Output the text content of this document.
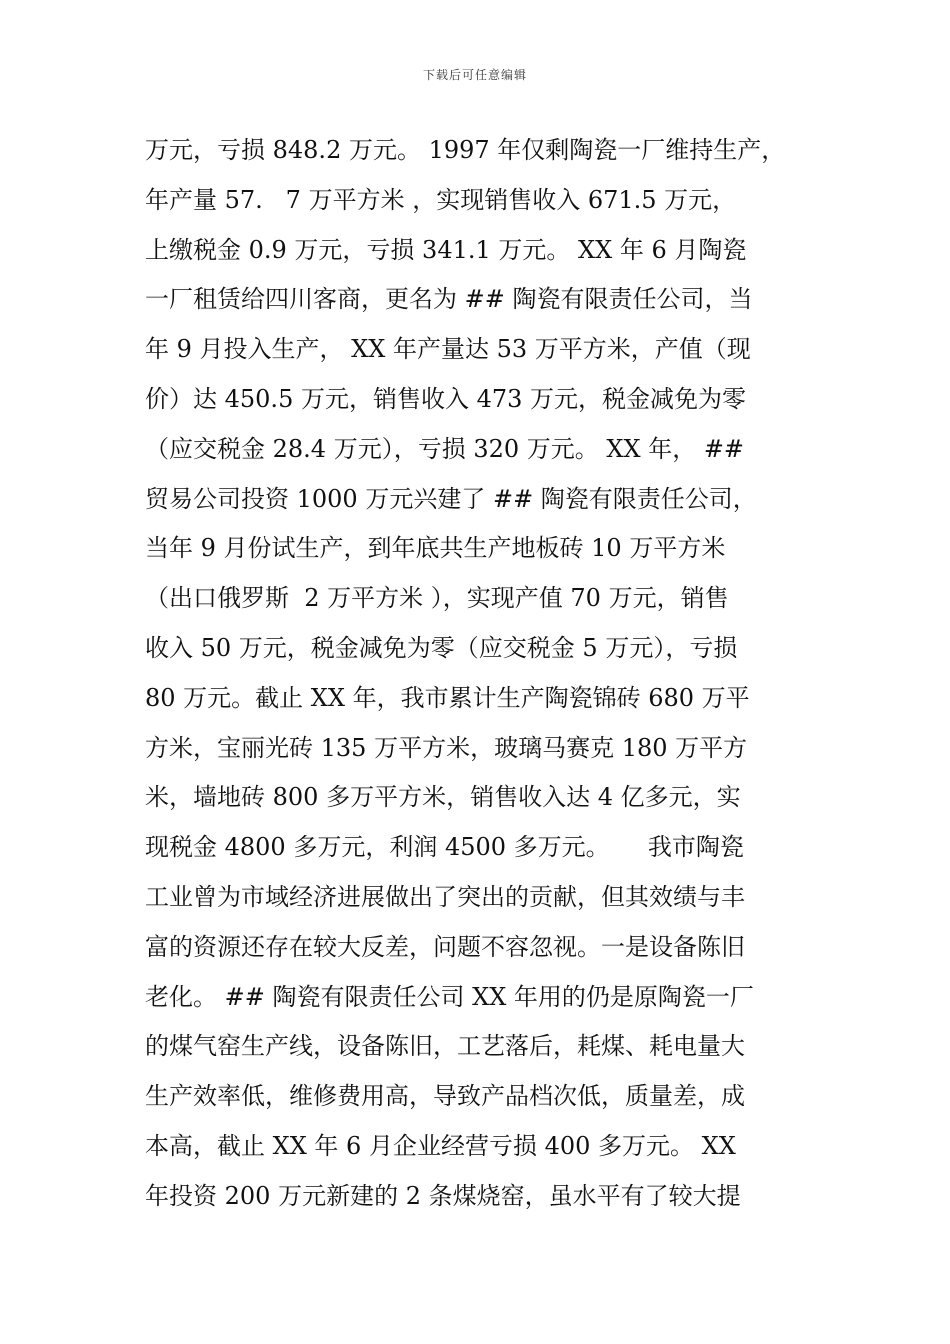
下载后可任意编辑
万元，亏损 848.2 万元。 1997 年仅剩陶瓷一厂维持生产，
年产量 57.   7 万平方米 ，实现销售收入 671.5 万元，
上缴税金 0.9 万元，亏损 341.1 万元。 XX 年 6 月陶瓷
一厂租赁给四川客商，更名为 ## 陶瓷有限责任公司，当
年 9 月投入生产， XX 年产量达 53 万平方米，产值（现
价）达 450.5 万元，销售收入 473 万元，税金减免为零
（应交税金 28.4 万元），亏损 320 万元。 XX 年， ##
贸易公司投资 1000 万元兴建了 ## 陶瓷有限责任公司，
当年 9 月份试生产，到年底共生产地板砖 10 万平方米
（出口俄罗斯  2 万平方米 ），实现产值 70 万元，销售
收入 50 万元，税金减免为零（应交税金 5 万元），亏损
80 万元。截止 XX 年，我市累计生产陶瓷锦砖 680 万平
方米，宝丽光砖 135 万平方米，玻璃马赛克 180 万平方
米，墙地砖 800 多万平方米，销售收入达 4 亿多元，实
现税金 4800 多万元，利润 4500 多万元。     我市陶瓷
工业曾为市域经济进展做出了突出的贡献，但其效绩与丰
富的资源还存在较大反差，问题不容忽视。一是设备陈旧
老化。 ## 陶瓷有限责任公司 XX 年用的仍是原陶瓷一厂
的煤气窑生产线，设备陈旧，工艺落后，耗煤、耗电量大
生产效率低，维修费用高，导致产品档次低，质量差，成
本高，截止 XX 年 6 月企业经营亏损 400 多万元。 XX
年投资 200 万元新建的 2 条煤烧窑，虽水平有了较大提
